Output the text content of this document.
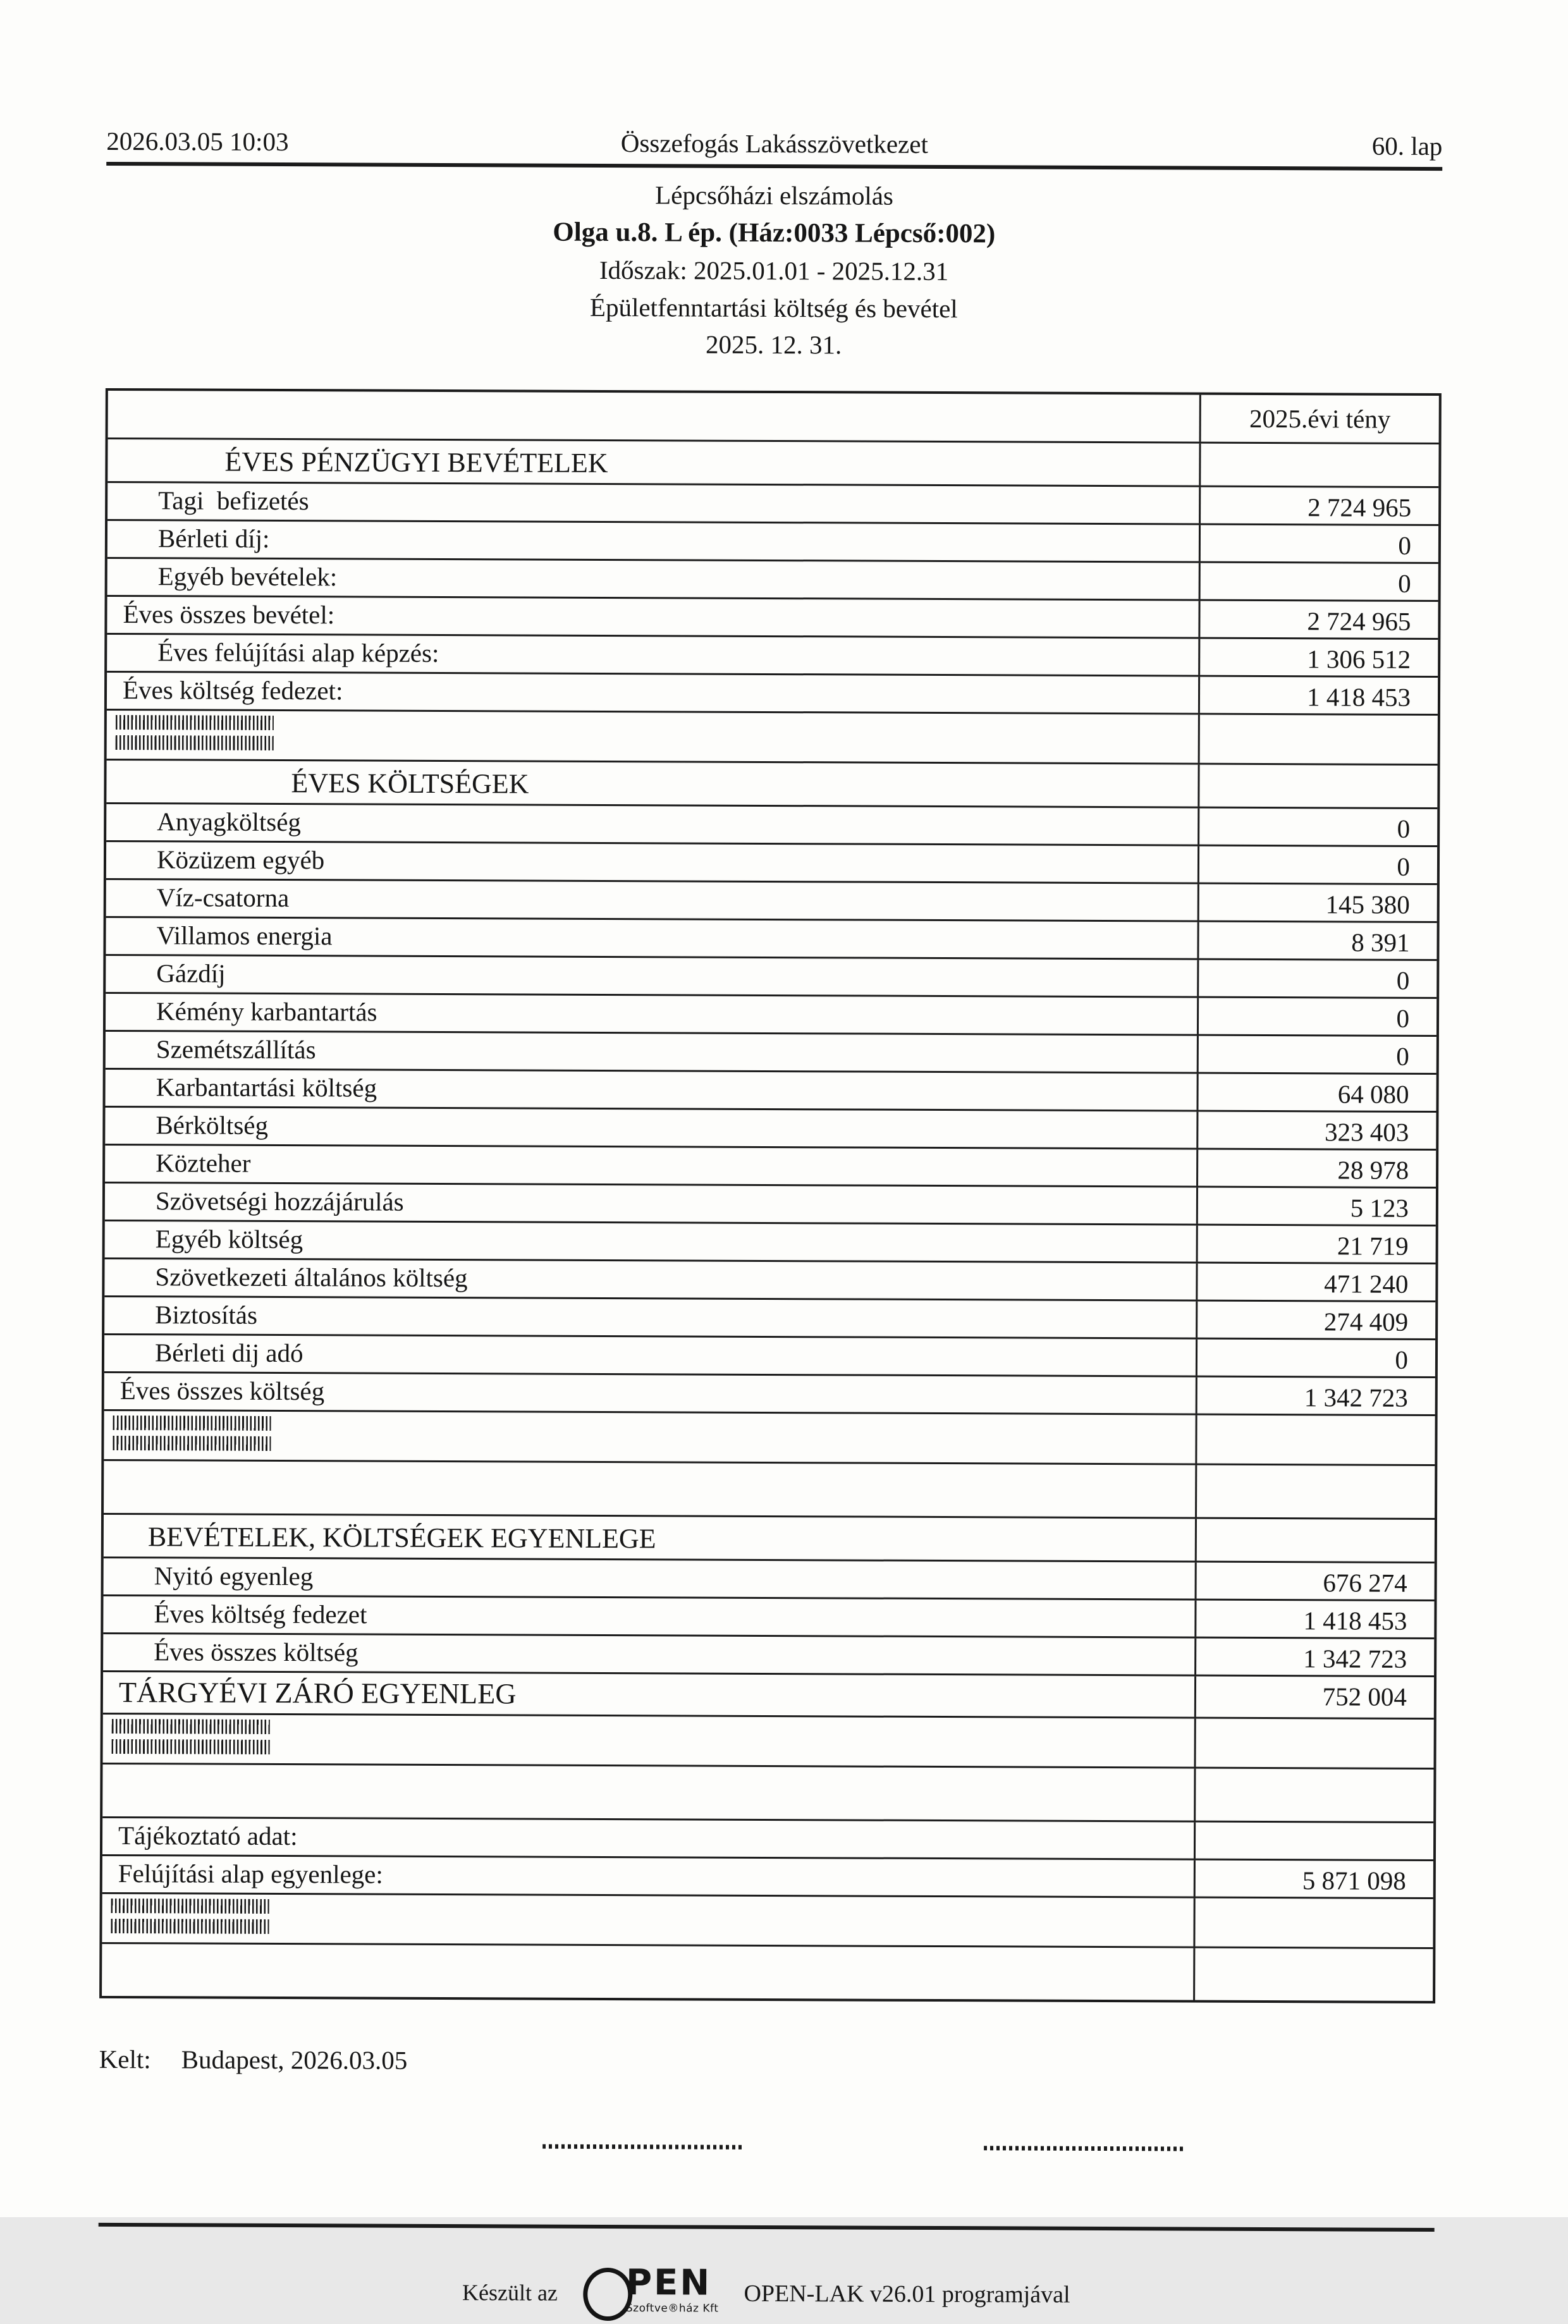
2026.03.05 10:03	Összefogás Lakásszövetkezet	60. lap
Lépcsőházi elszámolás
Olga u.8. L ép. (Ház:0033 Lépcső:002)
Időszak: 2025.01.01 - 2025.12.31
Épületfenntartási költség és bevétel
2025. 12. 31.
2025.évi tény
ÉVES PÉNZÜGYI BEVÉTELEK
Tagi  befizetés	2 724 965
Bérleti díj:	0
Egyéb bevételek:	0
Éves összes bevétel:	2 724 965
Éves felújítási alap képzés:	1 306 512
Éves költség fedezet:	1 418 453
ÉVES KÖLTSÉGEK
Anyagköltség	0
Közüzem egyéb	0
Víz-csatorna	145 380
Villamos energia	8 391
Gázdíj	0
Kémény karbantartás	0
Szemétszállítás	0
Karbantartási költség	64 080
Bérköltség	323 403
Közteher	28 978
Szövetségi hozzájárulás	5 123
Egyéb költség	21 719
Szövetkezeti általános költség	471 240
Biztosítás	274 409
Bérleti dij adó	0
Éves összes költség	1 342 723
BEVÉTELEK, KÖLTSÉGEK EGYENLEGE
Nyitó egyenleg	676 274
Éves költség fedezet	1 418 453
Éves összes költség	1 342 723
TÁRGYÉVI ZÁRÓ EGYENLEG	752 004
Tájékoztató adat:
Felújítási alap egyenlege:	5 871 098
Kelt: Budapest, 2026.03.05
Készült az PEN
Szoftve®ház Kft
OPEN-LAK v26.01 programjával
